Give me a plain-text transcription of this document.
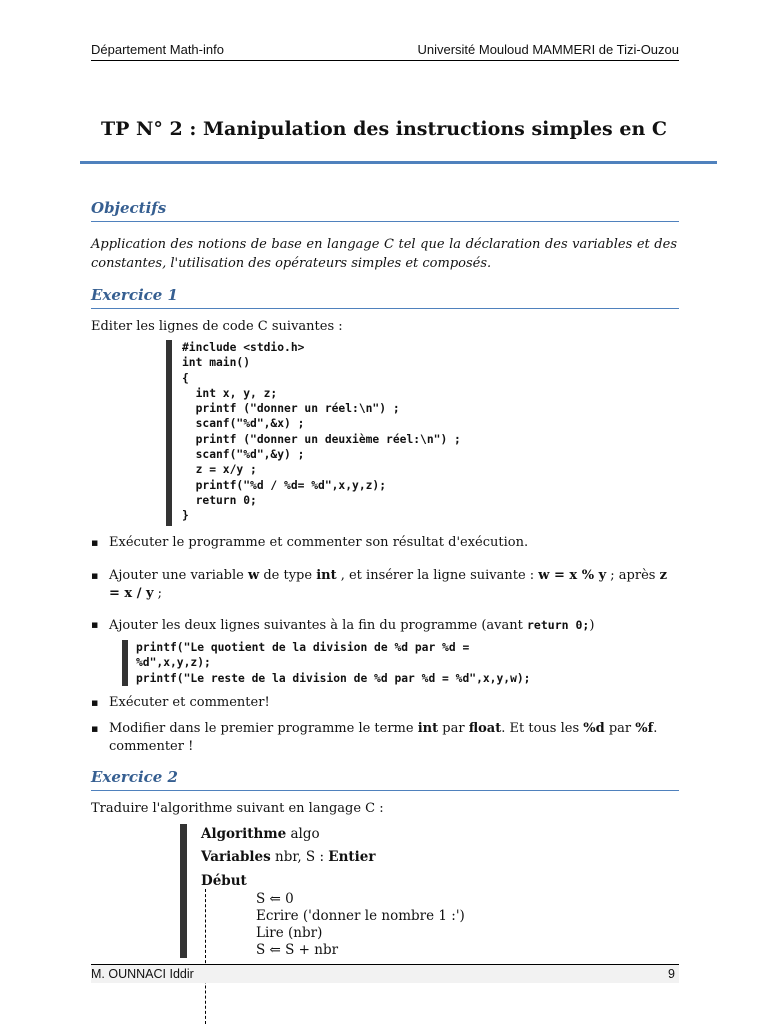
Département Math-info	Université Mouloud MAMMERI de Tizi-Ouzou
TP N° 2 : Manipulation des instructions simples en C
Objectifs
Application des notions de base en langage C tel que la déclaration des variables et des constantes, l'utilisation des opérateurs simples et composés.
Exercice 1
Editer les lignes de code C suivantes :
#include <stdio.h>
int main()
{
int x, y, z;
printf ("donner un réel:\n") ;
scanf("%d",&x) ;
printf ("donner un deuxième réel:\n") ;
scanf("%d",&y) ;
z = x/y ;
printf("%d / %d= %d",x,y,z);
return 0;
}
▪ Exécuter le programme et commenter son résultat d'exécution.
▪ Ajouter une variable w de type int , et insérer la ligne suivante : w = x % y ; après z = x / y ;
▪ Ajouter les deux lignes suivantes à la fin du programme (avant return 0;)
printf("Le quotient de la division de %d par %d =
%d",x,y,z);
printf("Le reste de la division de %d par %d = %d",x,y,w);
▪ Exécuter et commenter!
▪ Modifier dans le premier programme le terme int par float. Et tous les %d par %f. commenter !
Exercice 2
Traduire l'algorithme suivant en langage C :
Algorithme algo
Variables nbr, S : Entier
Début
S ⇐ 0
Ecrire ('donner le nombre 1 :')
Lire (nbr)
S ⇐ S + nbr
M. OUNNACI Iddir	9
